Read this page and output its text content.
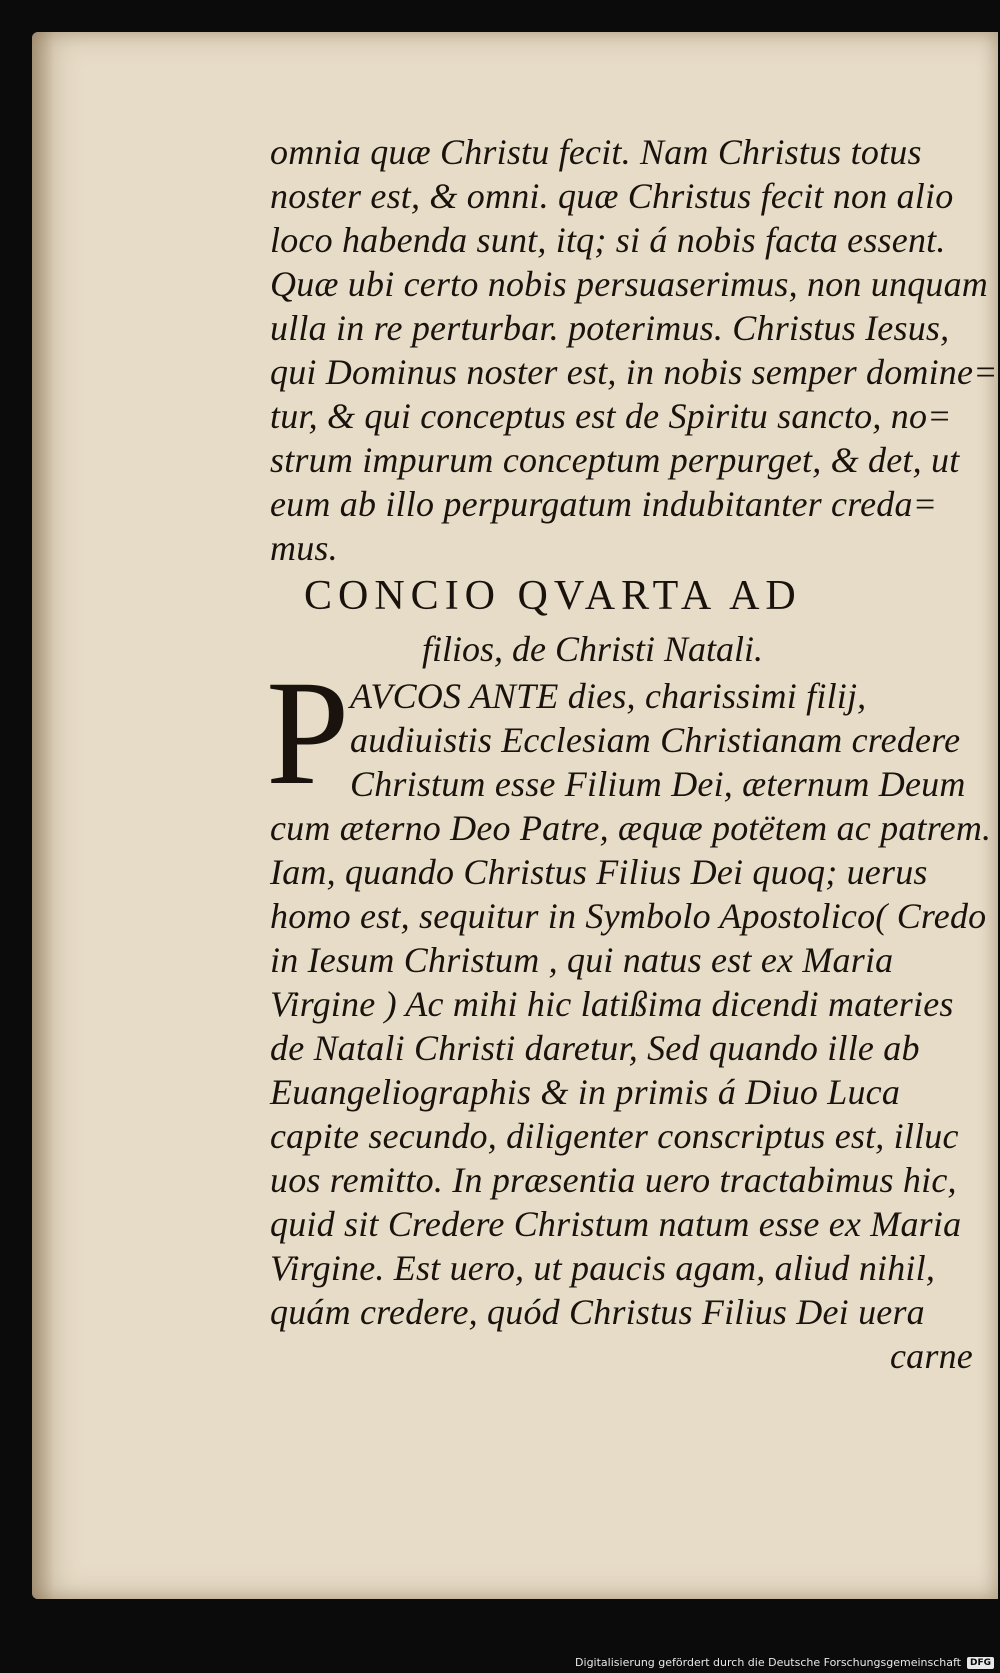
omnia quæ Christu fecit. Nam Christus totus
noster est, & omni. quæ Christus fecit non alio
loco habenda sunt, itq; si á nobis facta essent.
Quæ ubi certo nobis persuaserimus, non unquam
ulla in re perturbar. poterimus. Christus Iesus,
qui Dominus noster est, in nobis semper domine=
tur, & qui conceptus est de Spiritu sancto, no=
strum impurum conceptum perpurget, & det, ut
eum ab illo perpurgatum indubitanter creda=
mus.
CONCIO QVARTA AD
filios, de Christi Natali.
P AVCOS ANTE dies, charissimi filij,
audiuistis Ecclesiam Christianam credere
Christum esse Filium Dei, æternum Deum
cum æterno Deo Patre, æquæ potëtem ac patrem.
Iam, quando Christus Filius Dei quoq; uerus
homo est, sequitur in Symbolo Apostolico( Credo
in Iesum Christum , qui natus est ex Maria
Virgine ) Ac mihi hic latißima dicendi materies
de Natali Christi daretur, Sed quando ille ab
Euangeliographis & in primis á Diuo Luca
capite secundo, diligenter conscriptus est, illuc
uos remitto. In præsentia uero tractabimus hic,
quid sit Credere Christum natum esse ex Maria
Virgine. Est uero, ut paucis agam, aliud nihil,
quám credere, quód Christus Filius Dei uera
carne
Digitalisierung gefördert durch die Deutsche Forschungsgemeinschaft	DFG
